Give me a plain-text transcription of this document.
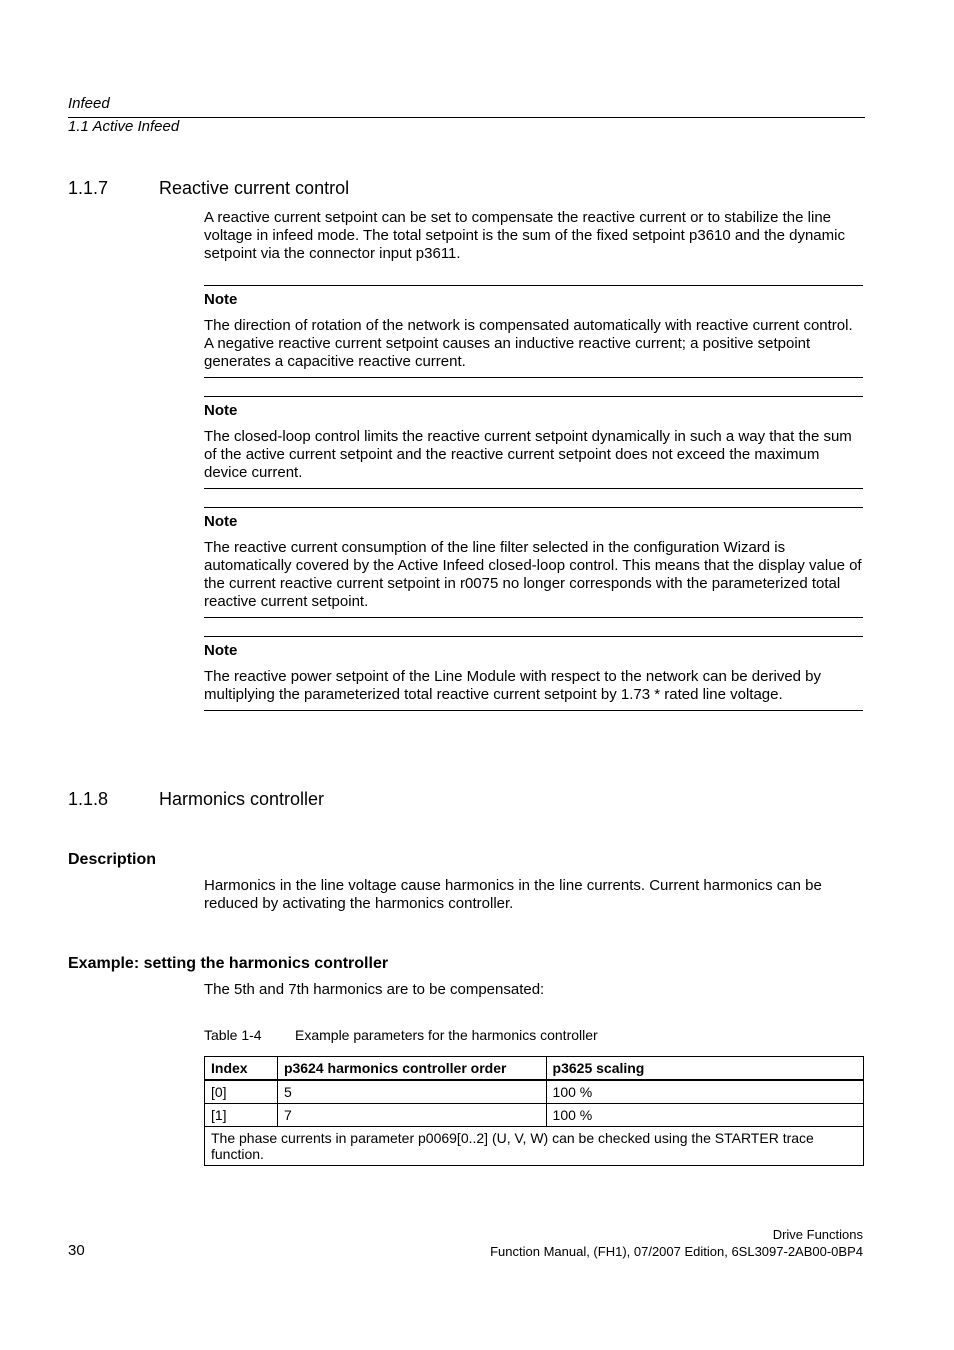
Infeed
1.1 Active Infeed
1.1.7	Reactive current control
A reactive current setpoint can be set to compensate the reactive current or to stabilize the line voltage in infeed mode. The total setpoint is the sum of the fixed setpoint p3610 and the dynamic setpoint via the connector input p3611.
Note
The direction of rotation of the network is compensated automatically with reactive current control. A negative reactive current setpoint causes an inductive reactive current; a positive setpoint generates a capacitive reactive current.
Note
The closed-loop control limits the reactive current setpoint dynamically in such a way that the sum of the active current setpoint and the reactive current setpoint does not exceed the maximum device current.
Note
The reactive current consumption of the line filter selected in the configuration Wizard is automatically covered by the Active Infeed closed-loop control. This means that the display value of the current reactive current setpoint in r0075 no longer corresponds with the parameterized total reactive current setpoint.
Note
The reactive power setpoint of the Line Module with respect to the network can be derived by multiplying the parameterized total reactive current setpoint by 1.73 * rated line voltage.
1.1.8	Harmonics controller
Description
Harmonics in the line voltage cause harmonics in the line currents. Current harmonics can be reduced by activating the harmonics controller.
Example: setting the harmonics controller
The 5th and 7th harmonics are to be compensated:
Table 1-4 Example parameters for the harmonics controller
Index	p3624 harmonics controller order	p3625 scaling
[0]	5	100 %
[1]	7	100 %
The phase currents in parameter p0069[0..2] (U, V, W) can be checked using the STARTER trace function.		
30
Drive Functions
Function Manual, (FH1), 07/2007 Edition, 6SL3097-2AB00-0BP4
